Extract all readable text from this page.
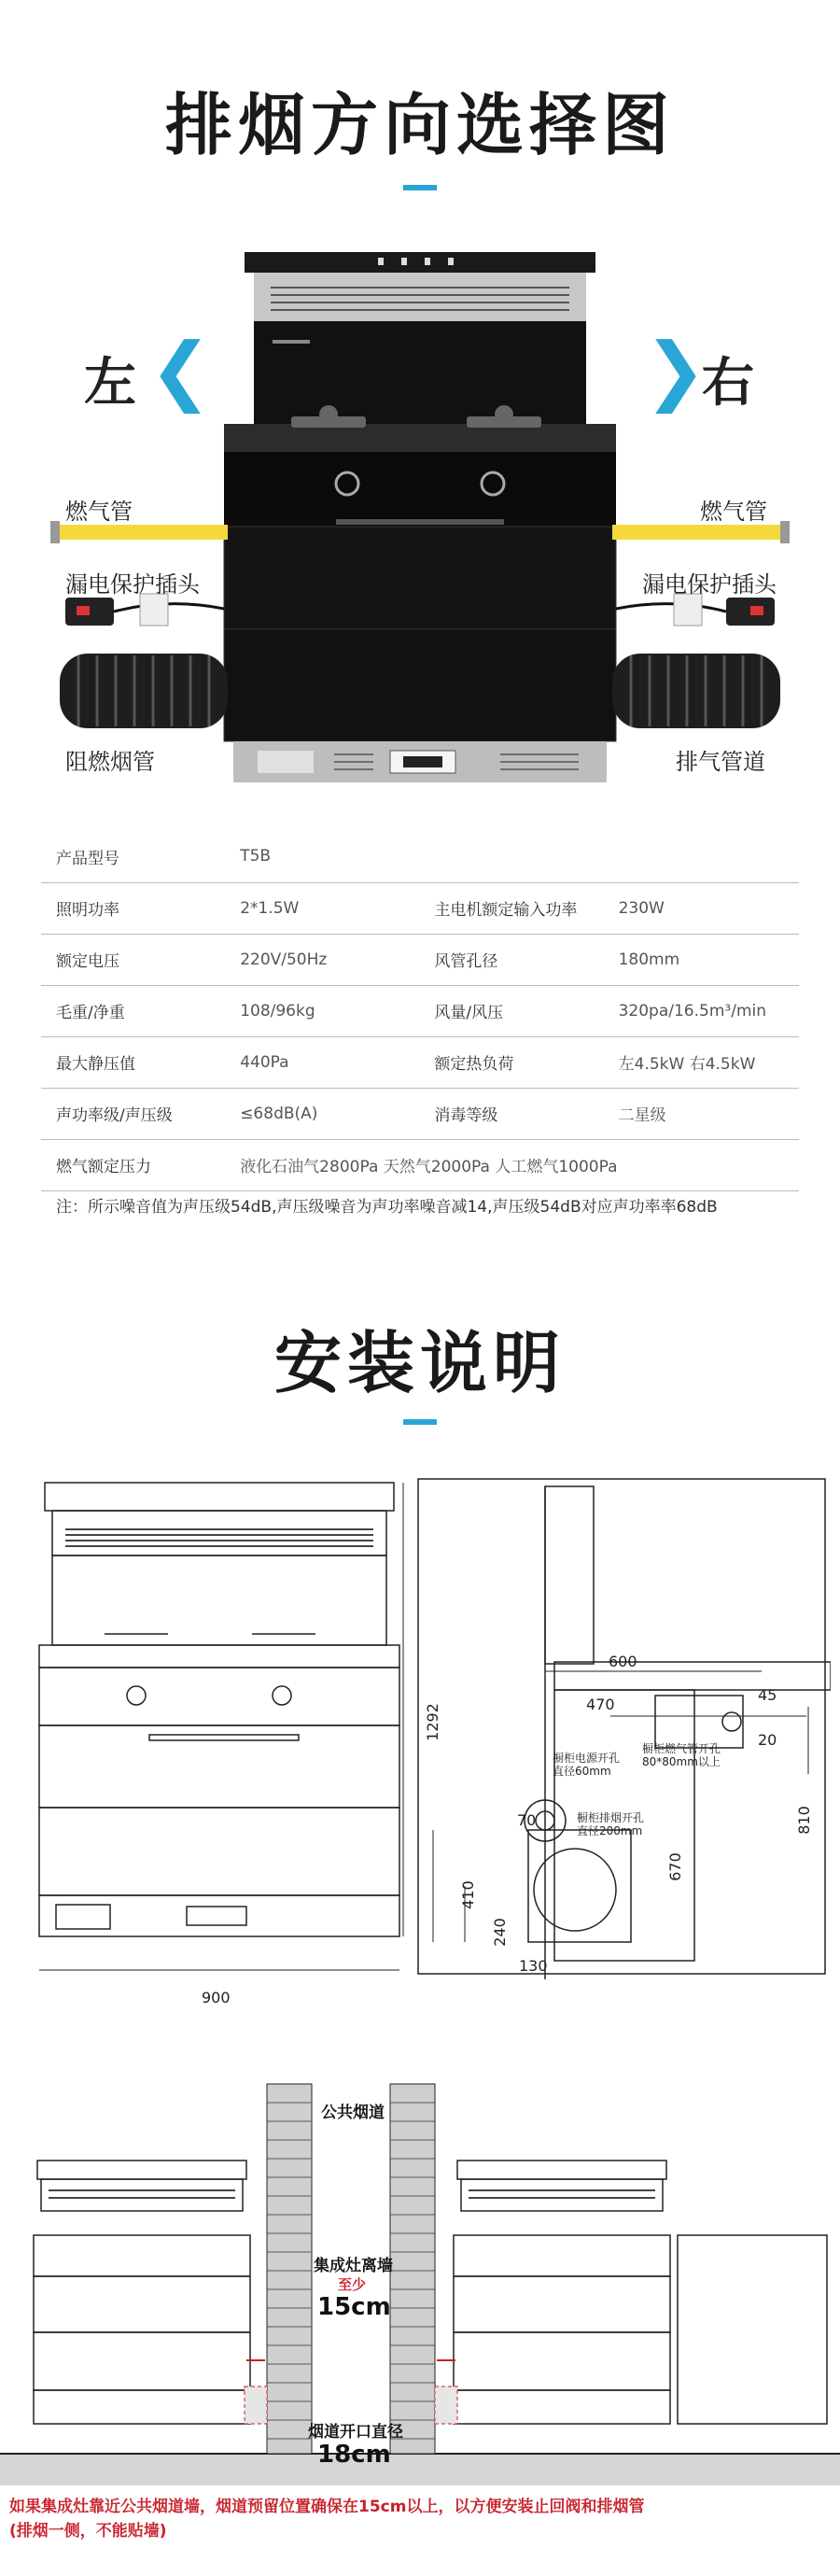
排烟方向选择图
左 ❮	❯
右
燃气管	燃气管
漏电保护插头	漏电保护插头
阻燃烟管	排气管道
产品型号	T5B		
照明功率	2*1.5W	主电机额定输入功率	230W
额定电压	220V/50Hz	风管孔径	180mm
毛重/净重	108/96kg	风量/风压	320pa/16.5m³/min
最大静压值	440Pa	额定热负荷	左4.5kW 右4.5kW
声功率级/声压级	≤68dB(A)	消毒等级	二星级
燃气额定压力	液化石油气2800Pa 天然气2000Pa 人工燃气1000Pa		
注：所示噪音值为声压级54dB,声压级噪音为声功率噪音减14,声压级54dB对应声功率率68dB
安装说明
1292
900
600
470
45
20
810
670
410
240
130
70
橱柜电源开孔
直径60mm
橱柜燃气管开孔
80*80mm以上
橱柜排烟开孔
直径200mm
公共烟道
集成灶离墙
至少
15cm
烟道开口直径
18cm
如果集成灶靠近公共烟道墙，烟道预留位置确保在15cm以上，以方便安装止回阀和排烟管
(排烟一侧，不能贴墙)
